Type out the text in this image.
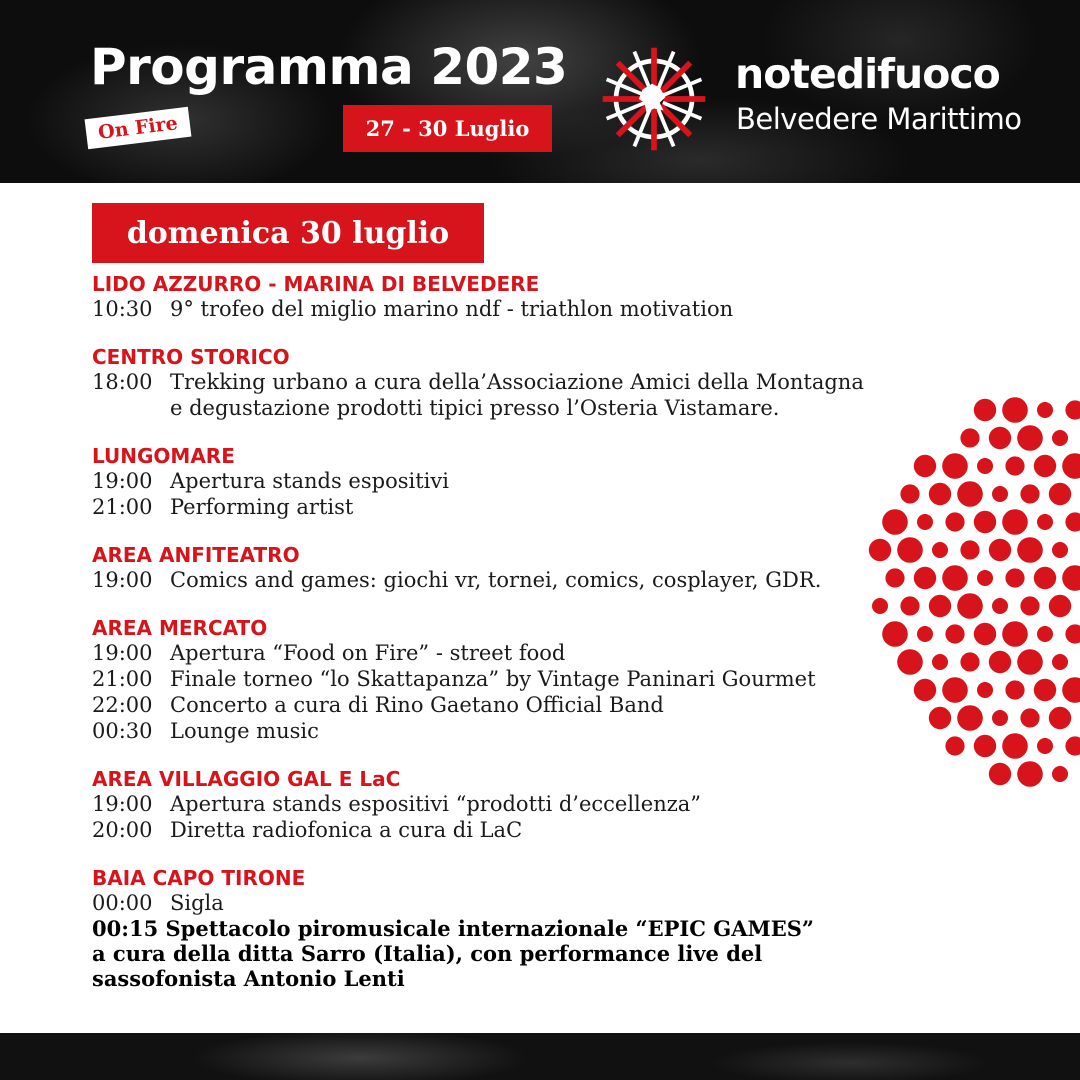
Programma 2023
On Fire	27 - 30 Luglio
notedifuoco
Belvedere Marittimo
domenica 30 luglio
LIDO AZZURRO - MARINA DI BELVEDERE
10:30 9° trofeo del miglio marino ndf - triathlon motivation
CENTRO STORICO
18:00 Trekking urbano a cura della’Associazione Amici della Montagna
e degustazione prodotti tipici presso l’Osteria Vistamare.
LUNGOMARE
19:00 Apertura stands espositivi
21:00 Performing artist
AREA ANFITEATRO
19:00 Comics and games: giochi vr, tornei, comics, cosplayer, GDR.
AREA MERCATO
19:00 Apertura “Food on Fire” - street food
21:00 Finale torneo “lo Skattapanza” by Vintage Paninari Gourmet
22:00 Concerto a cura di Rino Gaetano Official Band
00:30 Lounge music
AREA VILLAGGIO GAL E LaC
19:00 Apertura stands espositivi “prodotti d’eccellenza”
20:00 Diretta radiofonica a cura di LaC
BAIA CAPO TIRONE
00:00 Sigla
00:15 Spettacolo piromusicale internazionale “EPIC GAMES”
a cura della ditta Sarro (Italia), con performance live del
sassofonista Antonio Lenti
